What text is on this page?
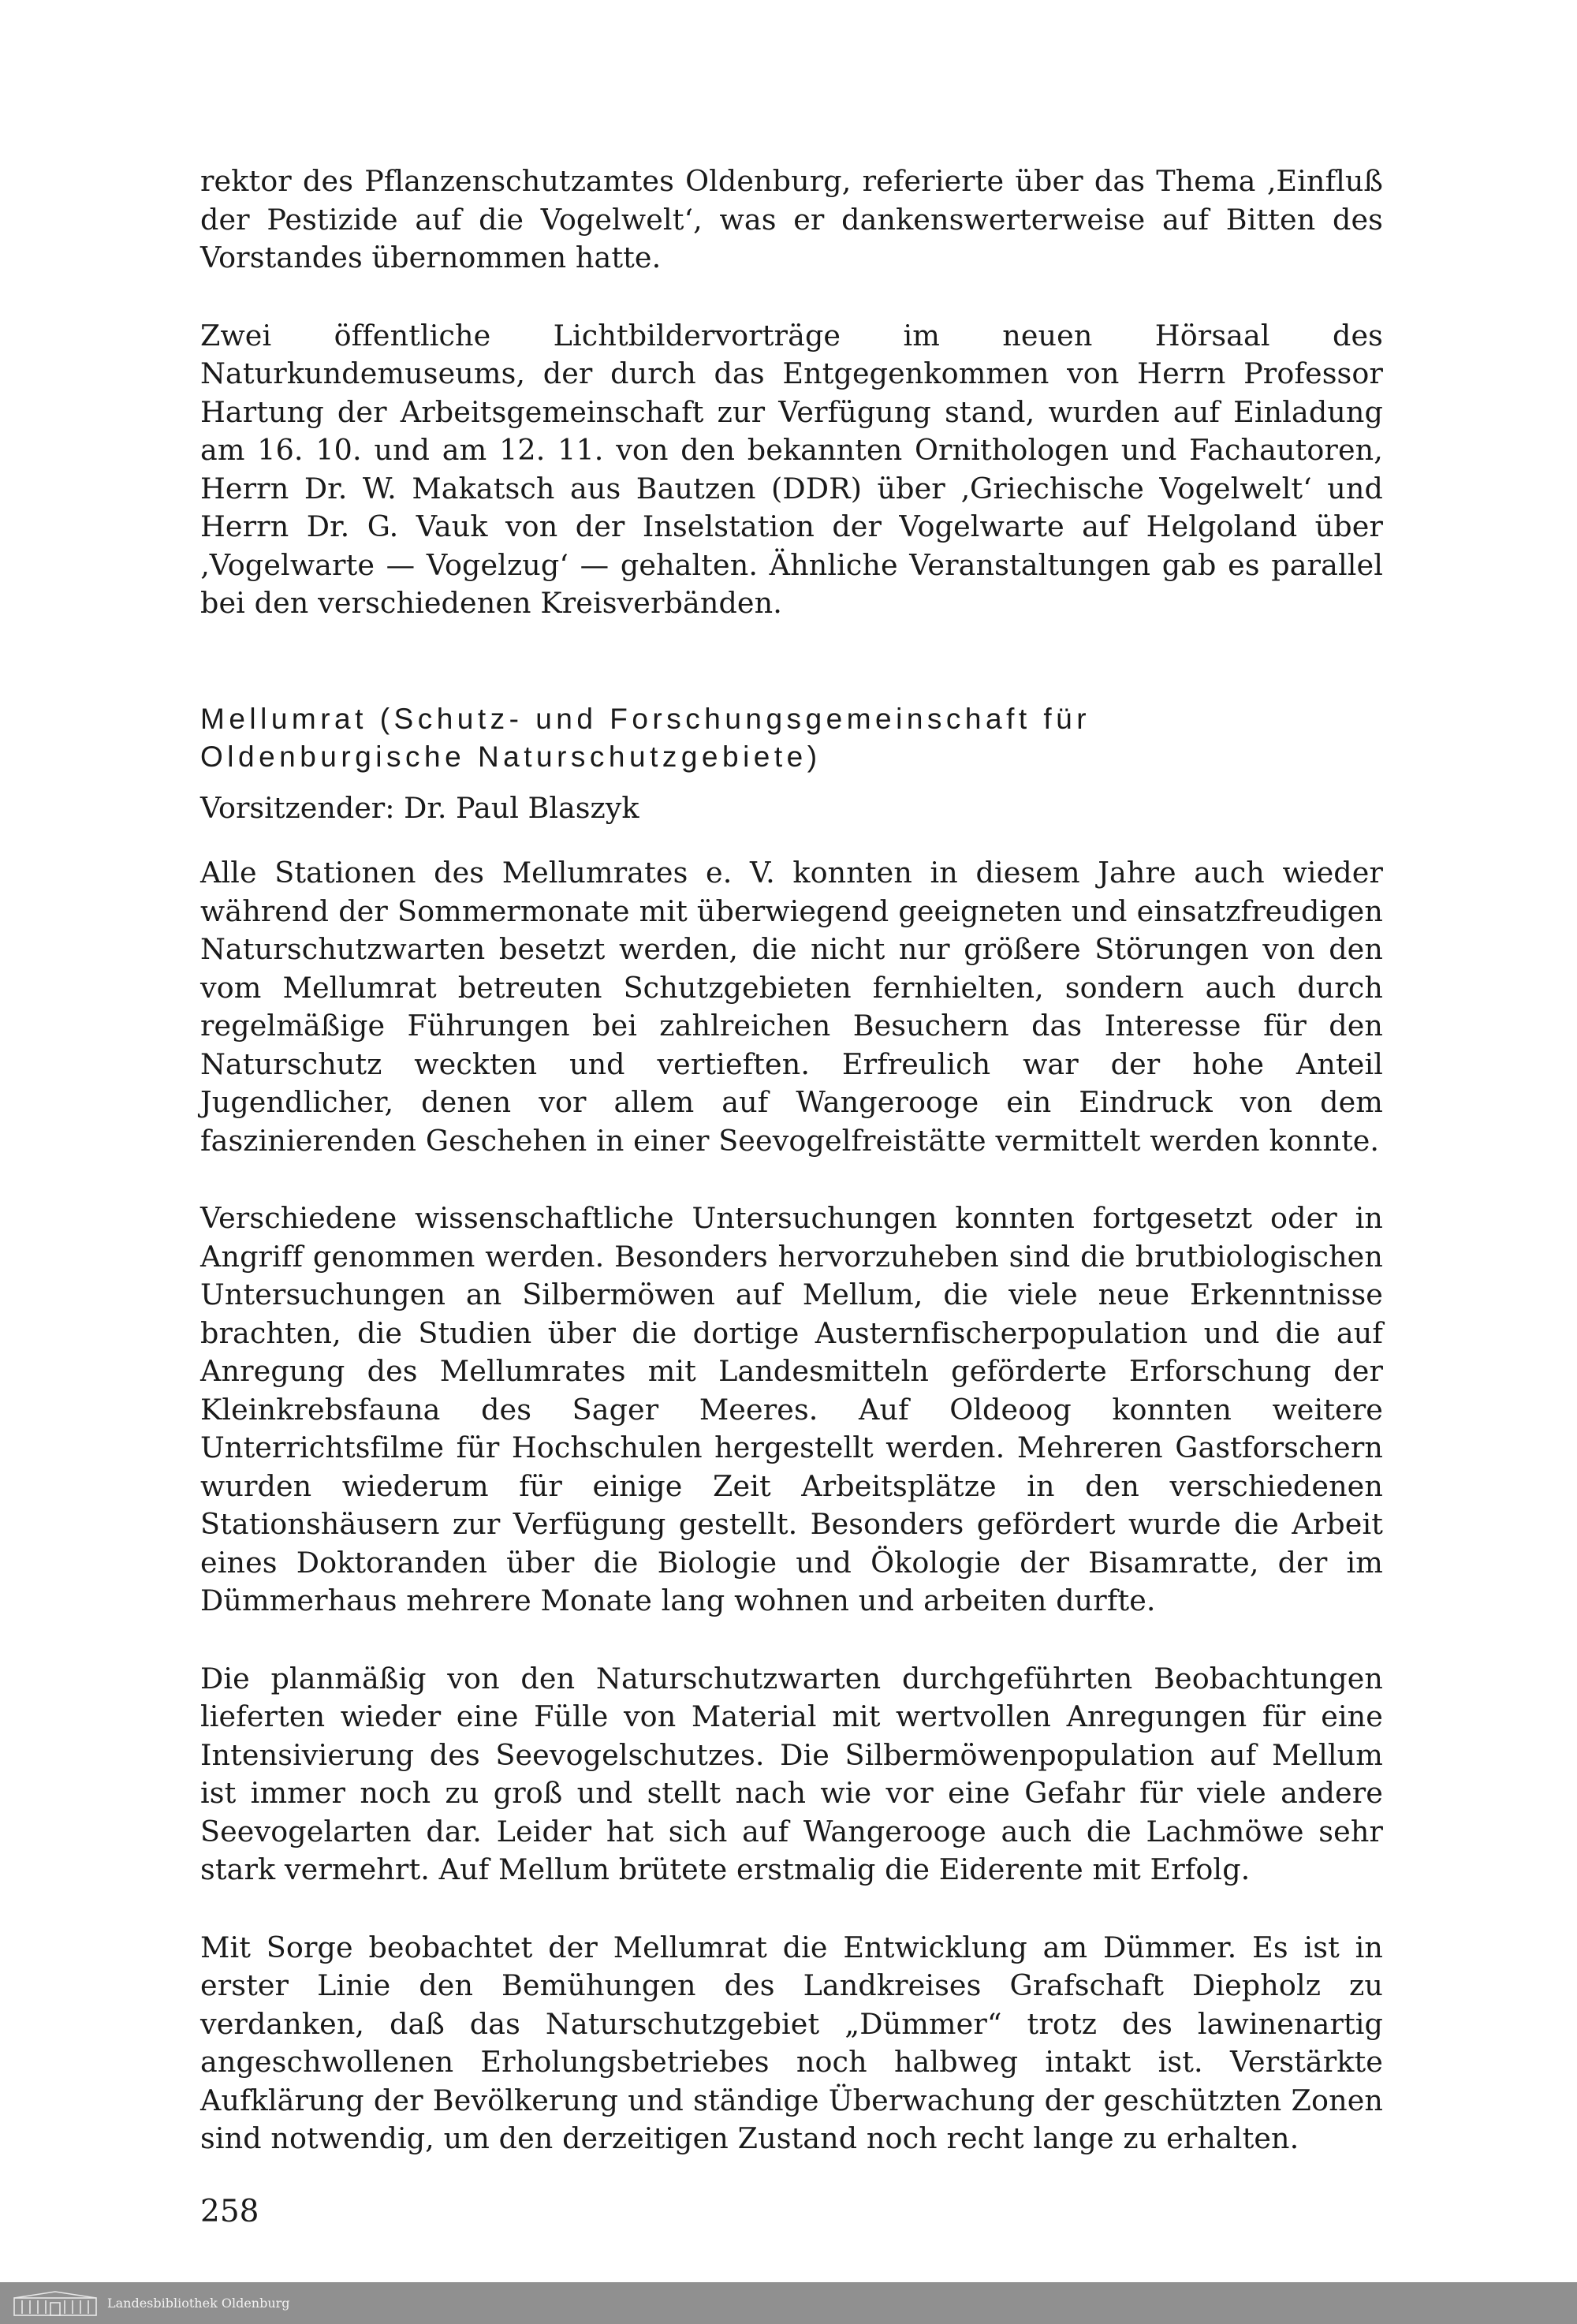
rektor des Pflanzenschutzamtes Oldenburg, referierte über das Thema ‚Einfluß der Pestizide auf die Vogelwelt‘, was er dankenswerterweise auf Bitten des Vorstandes übernommen hatte.

Zwei öffentliche Lichtbildervorträge im neuen Hörsaal des Naturkundemuseums, der durch das Entgegenkommen von Herrn Professor Hartung der Arbeitsgemeinschaft zur Verfügung stand, wurden auf Einladung am 16. 10. und am 12. 11. von den bekannten Ornithologen und Fachautoren, Herrn Dr. W. Makatsch aus Bautzen (DDR) über ‚Griechische Vogelwelt‘ und Herrn Dr. G. Vauk von der Inselstation der Vogelwarte auf Helgoland über ‚Vogelwarte — Vogelzug‘ — gehalten. Ähnliche Veranstaltungen gab es parallel bei den verschiedenen Kreisverbänden.

Mellumrat (Schutz- und Forschungsgemeinschaft für
Oldenburgische Naturschutzgebiete)

Vorsitzender: Dr. Paul Blaszyk

Alle Stationen des Mellumrates e. V. konnten in diesem Jahre auch wieder während der Sommermonate mit überwiegend geeigneten und einsatzfreudigen Naturschutzwarten besetzt werden, die nicht nur größere Störungen von den vom Mellumrat betreuten Schutzgebieten fernhielten, sondern auch durch regelmäßige Führungen bei zahlreichen Besuchern das Interesse für den Naturschutz weckten und vertieften. Erfreulich war der hohe Anteil Jugendlicher, denen vor allem auf Wangerooge ein Eindruck von dem faszinierenden Geschehen in einer Seevogelfreistätte vermittelt werden konnte.

Verschiedene wissenschaftliche Untersuchungen konnten fortgesetzt oder in Angriff genommen werden. Besonders hervorzuheben sind die brutbiologischen Untersuchungen an Silbermöwen auf Mellum, die viele neue Erkenntnisse brachten, die Studien über die dortige Austernfischerpopulation und die auf Anregung des Mellumrates mit Landesmitteln geförderte Erforschung der Kleinkrebsfauna des Sager Meeres. Auf Oldeoog konnten weitere Unterrichtsfilme für Hochschulen hergestellt werden. Mehreren Gastforschern wurden wiederum für einige Zeit Arbeitsplätze in den verschiedenen Stationshäusern zur Verfügung gestellt. Besonders gefördert wurde die Arbeit eines Doktoranden über die Biologie und Ökologie der Bisamratte, der im Dümmerhaus mehrere Monate lang wohnen und arbeiten durfte.

Die planmäßig von den Naturschutzwarten durchgeführten Beobachtungen lieferten wieder eine Fülle von Material mit wertvollen Anregungen für eine Intensivierung des Seevogelschutzes. Die Silbermöwenpopulation auf Mellum ist immer noch zu groß und stellt nach wie vor eine Gefahr für viele andere Seevogelarten dar. Leider hat sich auf Wangerooge auch die Lachmöwe sehr stark vermehrt. Auf Mellum brütete erstmalig die Eiderente mit Erfolg.

Mit Sorge beobachtet der Mellumrat die Entwicklung am Dümmer. Es ist in erster Linie den Bemühungen des Landkreises Grafschaft Diepholz zu verdanken, daß das Naturschutzgebiet „Dümmer“ trotz des lawinenartig angeschwollenen Erholungsbetriebes noch halbweg intakt ist. Verstärkte Aufklärung der Bevölkerung und ständige Überwachung der geschützten Zonen sind notwendig, um den derzeitigen Zustand noch recht lange zu erhalten.

258
Landesbibliothek Oldenburg
